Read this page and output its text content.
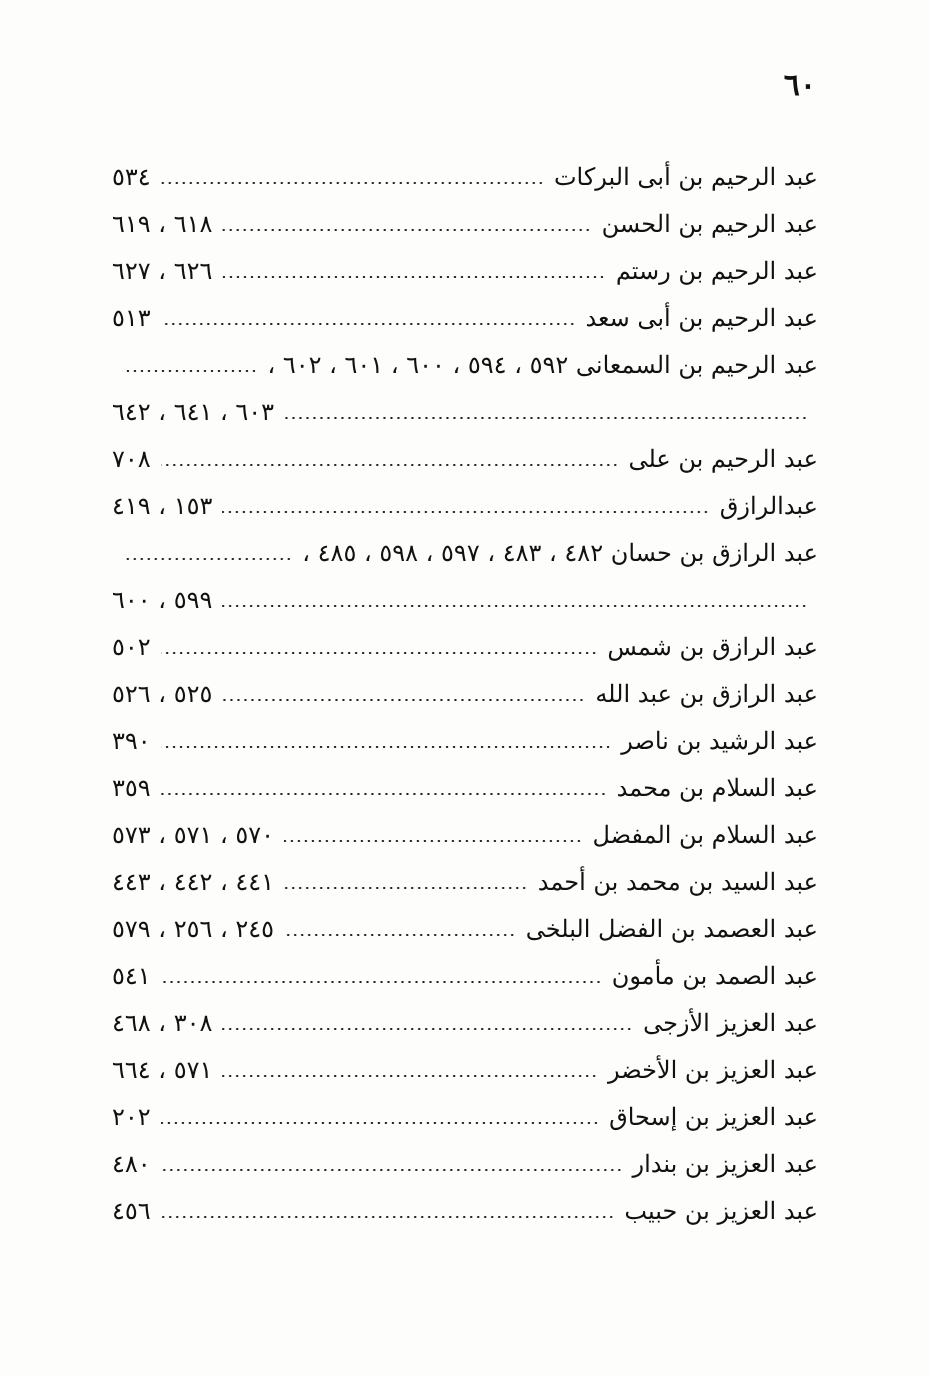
٦٠
عبد الرحيم بن أبى البركات
٥٣٤
عبد الرحيم بن الحسن
٦١٨ ، ٦١٩
عبد الرحيم بن رستم
٦٢٦ ، ٦٢٧
عبد الرحيم بن أبى سعد
٥١٣
عبد الرحيم بن السمعانى ٥٩٢ ، ٥٩٤ ، ٦٠٠ ، ٦٠١ ، ٦٠٢ ،
٦٠٣ ، ٦٤١ ، ٦٤٢
عبد الرحيم بن على
٧٠٨
عبدالرازق
١٥٣ ، ٤١٩
عبد الرازق بن حسان ٤٨٢ ، ٤٨٣ ، ٥٩٧ ، ٥٩٨ ، ٤٨٥ ،
٥٩٩ ، ٦٠٠
عبد الرازق بن شمس
٥٠٢
عبد الرازق بن عبد الله
٥٢٥ ، ٥٢٦
عبد الرشيد بن ناصر
٣٩٠
عبد السلام بن محمد
٣٥٩
عبد السلام بن المفضل
٥٧٠ ، ٥٧١ ، ٥٧٣
عبد السيد بن محمد بن أحمد
٤٤١ ، ٤٤٢ ، ٤٤٣
عبد العصمد بن الفضل البلخى
٢٤٥ ، ٢٥٦ ، ٥٧٩
عبد الصمد بن مأمون
٥٤١
عبد العزيز الأزجى
٣٠٨ ، ٤٦٨
عبد العزيز بن الأخضر
٥٧١ ، ٦٦٤
عبد العزيز بن إسحاق
٢٠٢
عبد العزيز بن بندار
٤٨٠
عبد العزيز بن حبيب
٤٥٦
